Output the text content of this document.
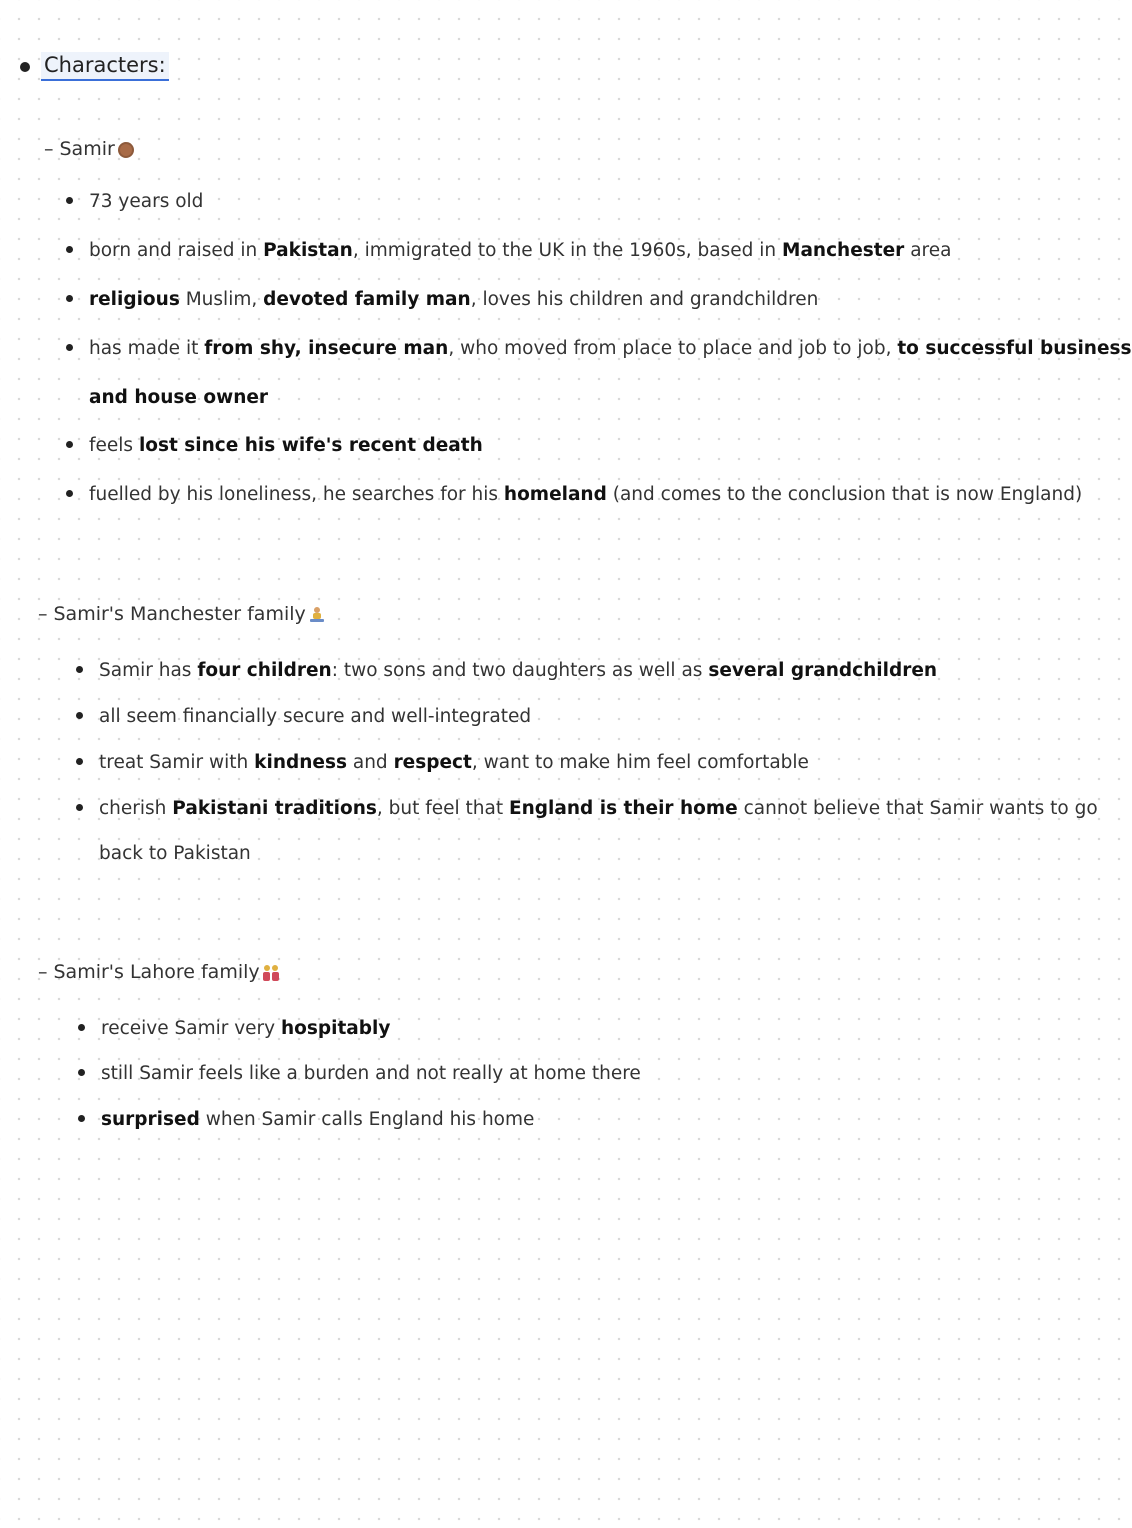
Characters:
– Samir
73 years old
born and raised in Pakistan, immigrated to the UK in the 1960s, based in Manchester area
religious Muslim, devoted family man, loves his children and grandchildren
has made it from shy, insecure man, who moved from place to place and job to job, to successful business
and house owner
feels lost since his wife's recent death
fuelled by his loneliness, he searches for his homeland (and comes to the conclusion that is now England)
– Samir's Manchester family
Samir has four children: two sons and two daughters as well as several grandchildren
all seem financially secure and well-integrated
treat Samir with kindness and respect, want to make him feel comfortable
cherish Pakistani traditions, but feel that England is their home cannot believe that Samir wants to go
back to Pakistan
– Samir's Lahore family
receive Samir very hospitably
still Samir feels like a burden and not really at home there
surprised when Samir calls England his home
